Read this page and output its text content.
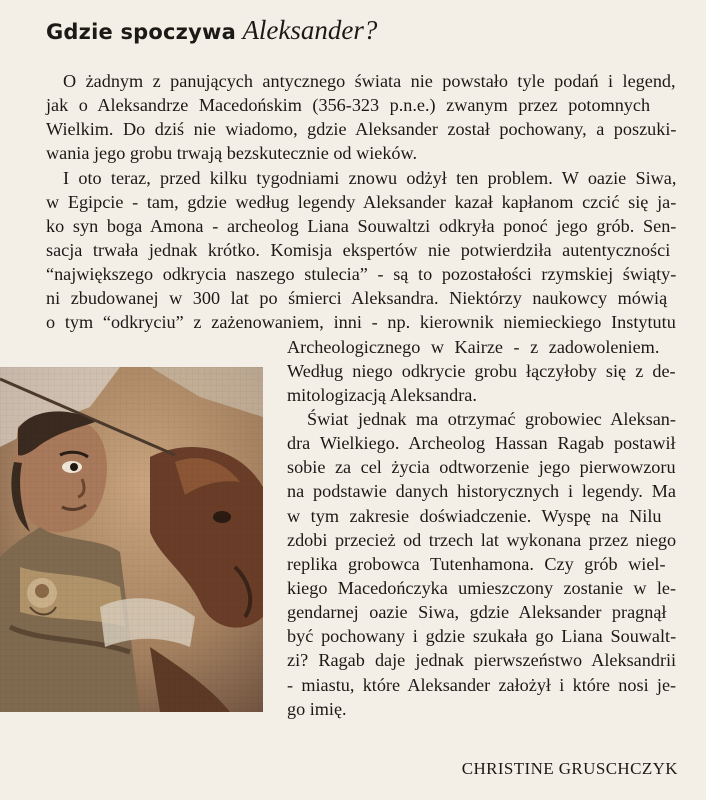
Gdzie spoczywa Aleksander?
O żadnym z panujących antycznego świata nie powstało tyle podań i legend,
jak o Aleksandrze Macedońskim (356-323 p.n.e.) zwanym przez potomnych
Wielkim. Do dziś nie wiadomo, gdzie Aleksander został pochowany, a poszuki-
wania jego grobu trwają bezskutecznie od wieków.
I oto teraz, przed kilku tygodniami znowu odżył ten problem. W oazie Siwa,
w Egipcie - tam, gdzie według legendy Aleksander kazał kapłanom czcić się ja-
ko syn boga Amona - archeolog Liana Souwaltzi odkryła ponoć jego grób. Sen-
sacja trwała jednak krótko. Komisja ekspertów nie potwierdziła autentyczności
“największego odkrycia naszego stulecia” - są to pozostałości rzymskiej świąty-
ni zbudowanej w 300 lat po śmierci Aleksandra. Niektórzy naukowcy mówią
o tym “odkryciu” z zażenowaniem, inni - np. kierownik niemieckiego Instytutu
Archeologicznego w Kairze - z zadowoleniem.
Według niego odkrycie grobu łączyłoby się z de-
mitologizacją Aleksandra.
Świat jednak ma otrzymać grobowiec Aleksan-
dra Wielkiego. Archeolog Hassan Ragab postawił
sobie za cel życia odtworzenie jego pierwowzoru
na podstawie danych historycznych i legendy. Ma
w tym zakresie doświadczenie. Wyspę na Nilu
zdobi przecież od trzech lat wykonana przez niego
replika grobowca Tutenhamona. Czy grób wiel-
kiego Macedończyka umieszczony zostanie w le-
gendarnej oazie Siwa, gdzie Aleksander pragnął
być pochowany i gdzie szukała go Liana Souwalt-
zi? Ragab daje jednak pierwszeństwo Aleksandrii
- miastu, które Aleksander założył i które nosi je-
go imię.
CHRISTINE GRUSCHCZYK
